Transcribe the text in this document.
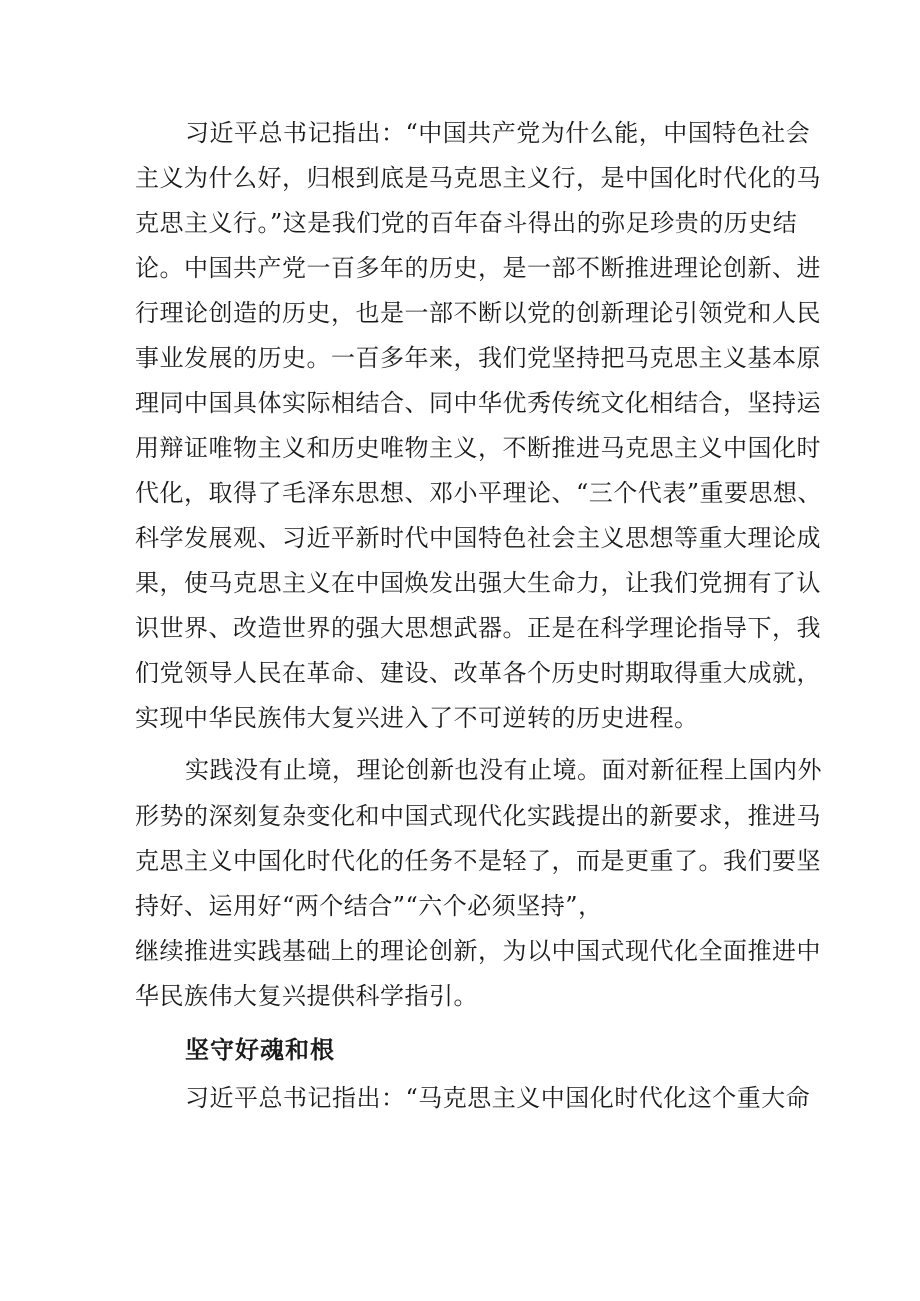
习近平总书记指出：“中国共产党为什么能，中国特色社会
主义为什么好，归根到底是马克思主义行，是中国化时代化的马
克思主义行。”这是我们党的百年奋斗得出的弥足珍贵的历史结
论。中国共产党一百多年的历史，是一部不断推进理论创新、进
行理论创造的历史，也是一部不断以党的创新理论引领党和人民
事业发展的历史。一百多年来，我们党坚持把马克思主义基本原
理同中国具体实际相结合、同中华优秀传统文化相结合，坚持运
用辩证唯物主义和历史唯物主义，不断推进马克思主义中国化时
代化，取得了毛泽东思想、邓小平理论、“三个代表”重要思想、
科学发展观、习近平新时代中国特色社会主义思想等重大理论成
果，使马克思主义在中国焕发出强大生命力，让我们党拥有了认
识世界、改造世界的强大思想武器。正是在科学理论指导下，我
们党领导人民在革命、建设、改革各个历史时期取得重大成就，
实现中华民族伟大复兴进入了不可逆转的历史进程。
实践没有止境，理论创新也没有止境。面对新征程上国内外
形势的深刻复杂变化和中国式现代化实践提出的新要求，推进马
克思主义中国化时代化的任务不是轻了，而是更重了。我们要坚
持好、运用好“两个结合”“六个必须坚持”，
继续推进实践基础上的理论创新，为以中国式现代化全面推进中
华民族伟大复兴提供科学指引。
坚守好魂和根
习近平总书记指出：“马克思主义中国化时代化这个重大命
